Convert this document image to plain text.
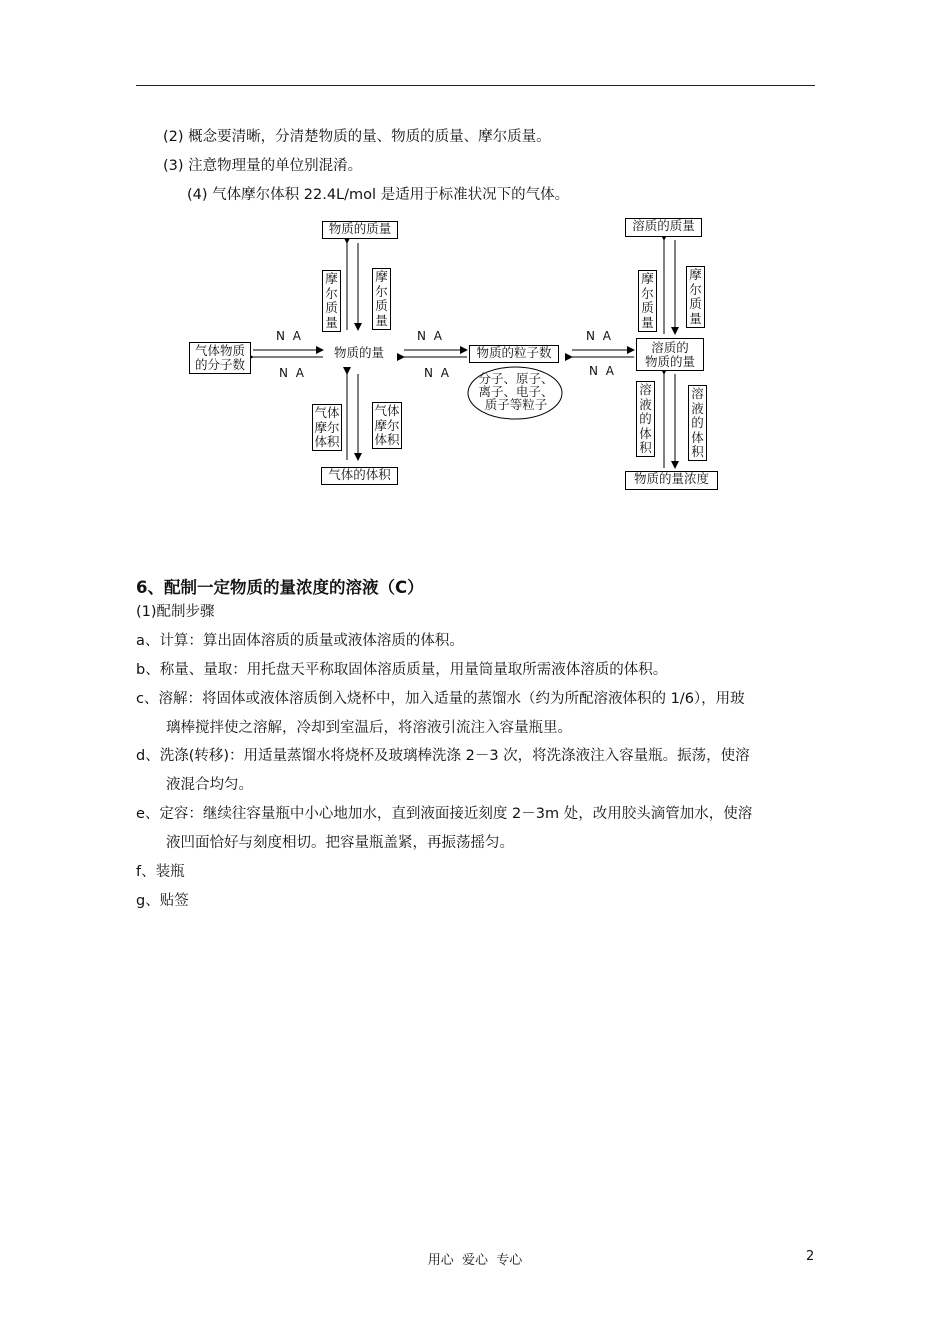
(2) 概念要清晰，分清楚物质的量、物质的质量、摩尔质量。
(3) 注意物理量的单位别混淆。
(4) 气体摩尔体积 22.4L/mol 是适用于标准状况下的气体。
物质的质量
摩尔质量
摩尔质量
气体物质
的分子数
物质的量	物质的粒子数
分子、原子、
离子、电子、
质子等粒子
气体摩尔体积
气体摩尔体积
气体的体积
溶质的质量
摩尔质量
摩尔质量
溶质的
物质的量
溶液的体积
溶液的体积
物质的量浓度
N A
N A
N A
N A
N A
N A
6、配制一定物质的量浓度的溶液（C）
(1)配制步骤
a、计算：算出固体溶质的质量或液体溶质的体积。
b、称量、量取：用托盘天平称取固体溶质质量，用量筒量取所需液体溶质的体积。
c、溶解：将固体或液体溶质倒入烧杯中，加入适量的蒸馏水（约为所配溶液体积的 1/6），用玻
璃棒搅拌使之溶解，冷却到室温后，将溶液引流注入容量瓶里。
d、洗涤(转移)：用适量蒸馏水将烧杯及玻璃棒洗涤 2－3 次，将洗涤液注入容量瓶。振荡，使溶
液混合均匀。
e、定容：继续往容量瓶中小心地加水，直到液面接近刻度 2－3m 处，改用胶头滴管加水，使溶
液凹面恰好与刻度相切。把容量瓶盖紧，再振荡摇匀。
f、装瓶
g、贴签
用心  爱心  专心	2
